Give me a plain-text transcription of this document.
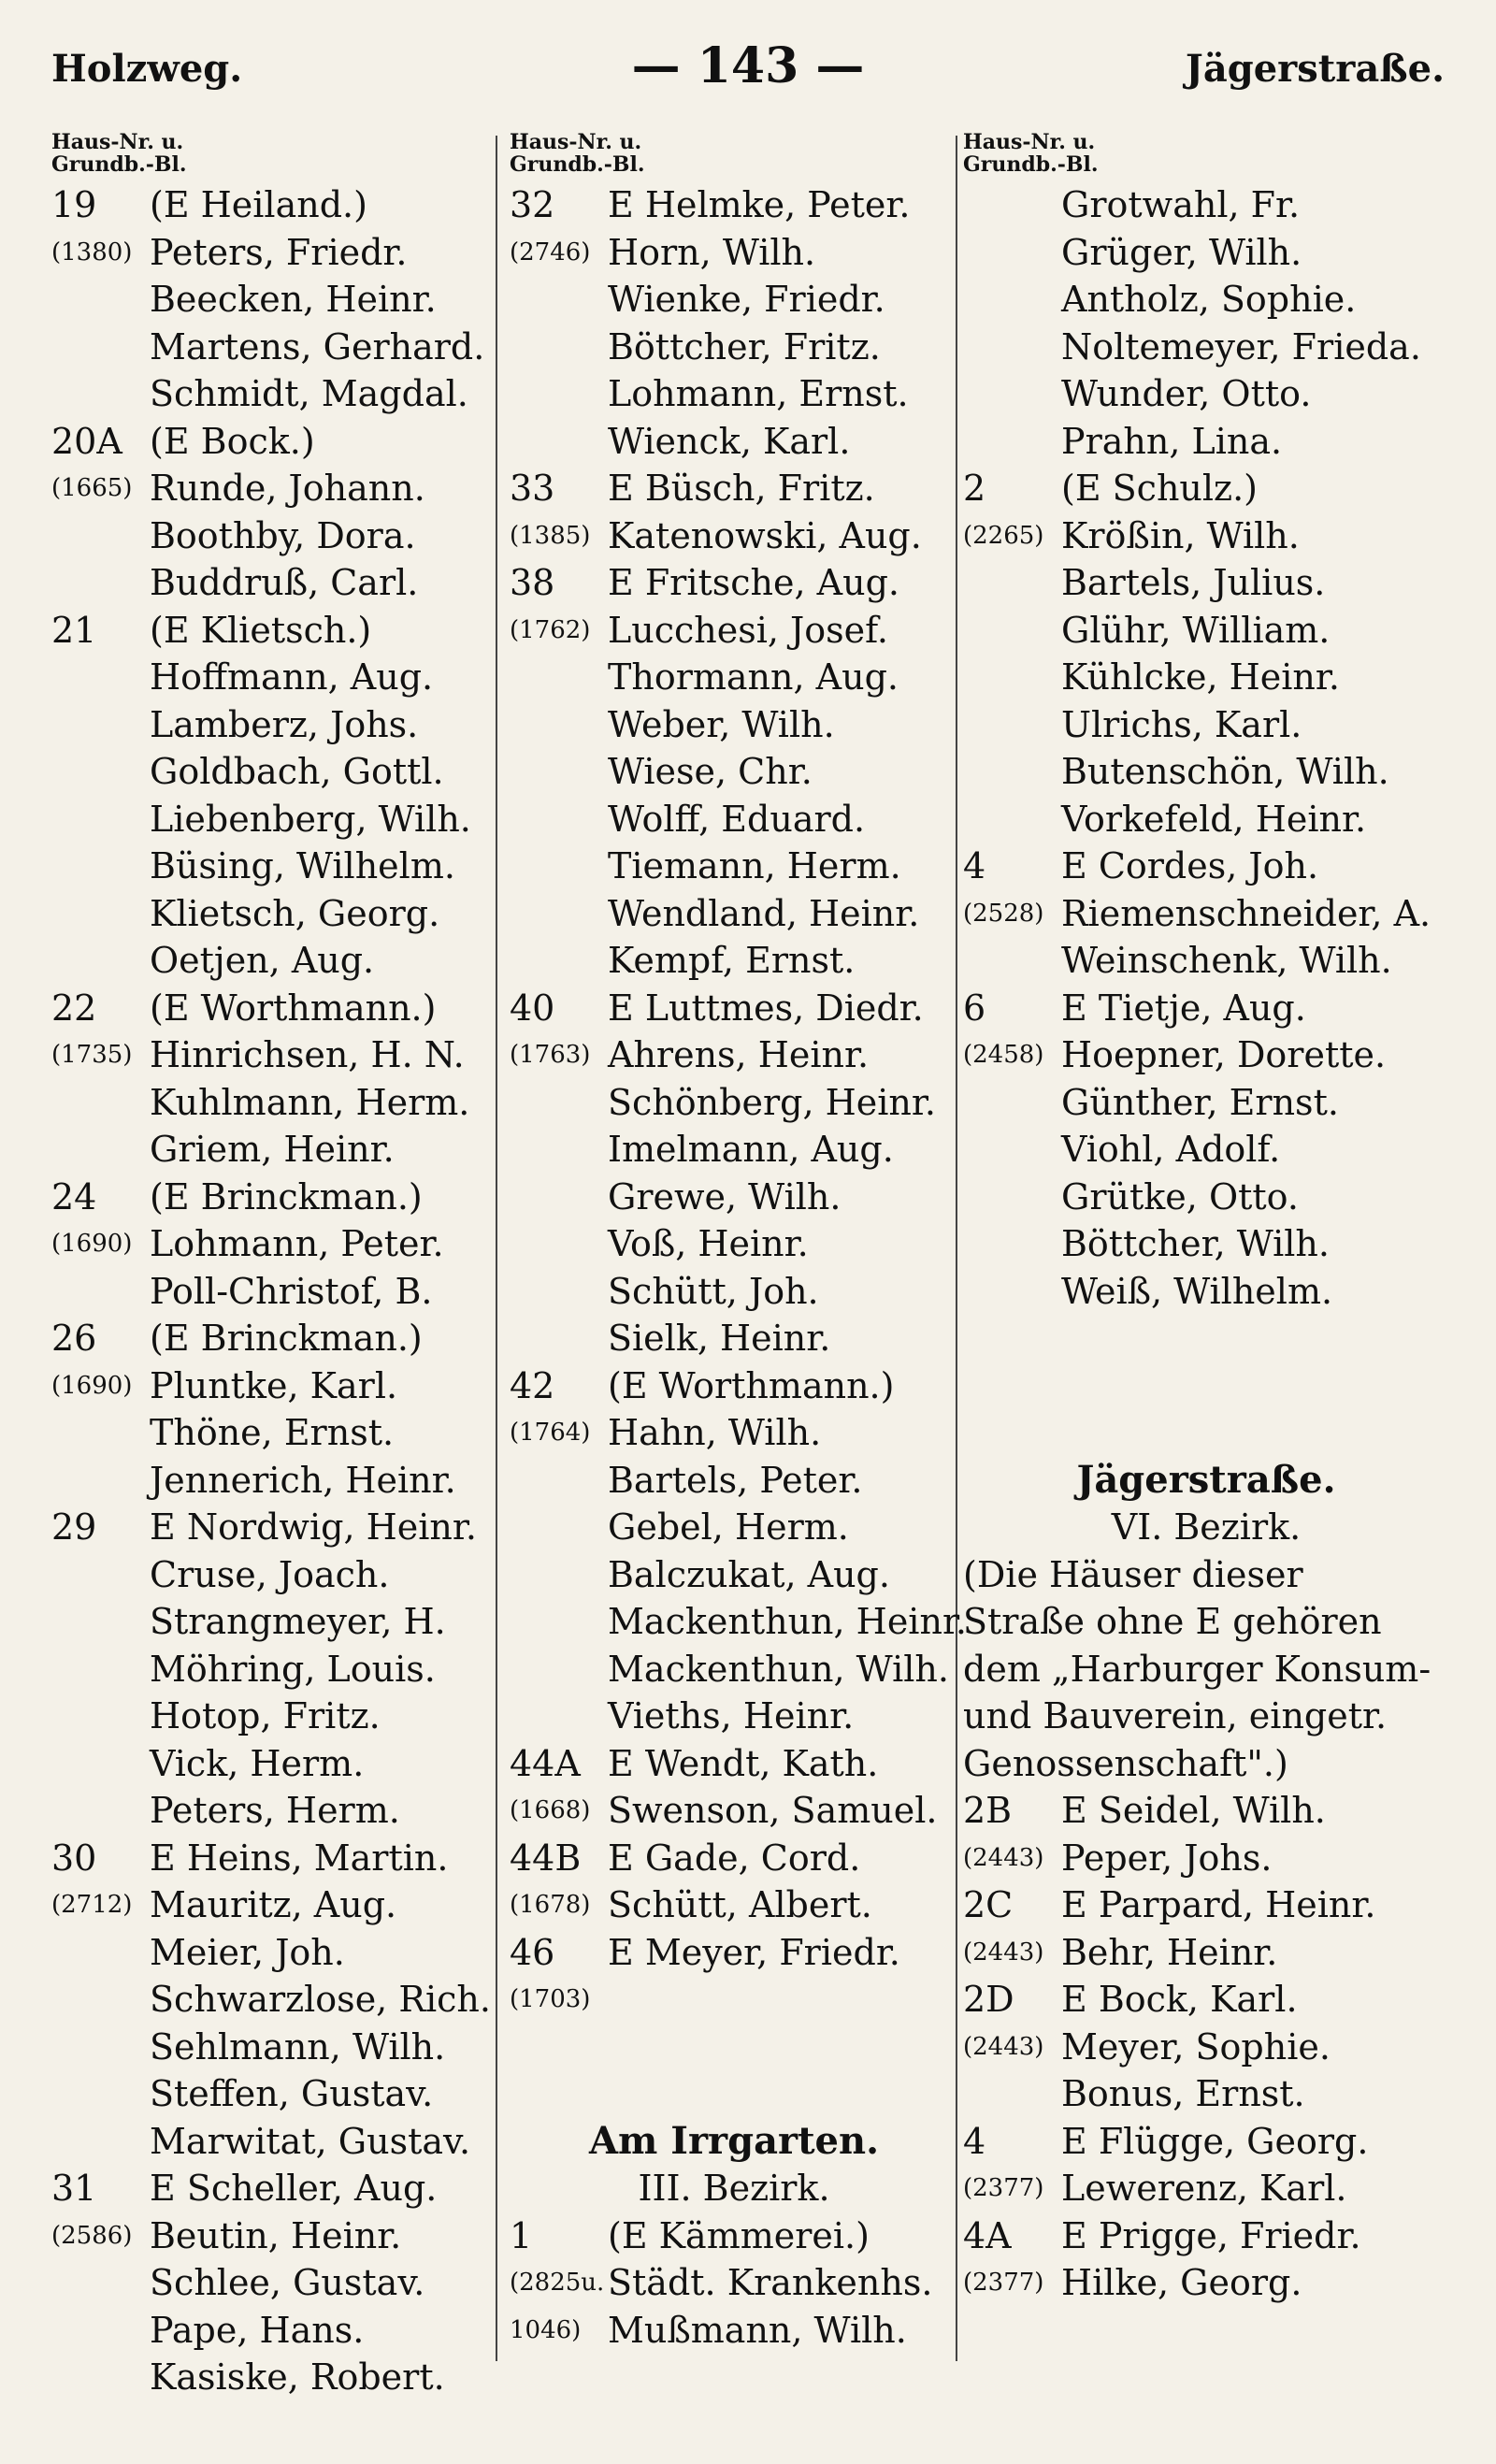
Holzweg.	— 143 —	Jägerstraße.
Haus-Nr. u.
Grundb.-Bl.
19	(E Heiland.)
(1380) Peters, Friedr.
Beecken, Heinr.
Martens, Gerhard.
Schmidt, Magdal.
20A (E Bock.)
(1665) Runde, Johann.
Boothby, Dora.
Buddruß, Carl.
21	(E Klietsch.)
Hoffmann, Aug.
Lamberz, Johs.
Goldbach, Gottl.
Liebenberg, Wilh.
Büsing, Wilhelm.
Klietsch, Georg.
Oetjen, Aug.
22	(E Worthmann.)
(1735) Hinrichsen, H. N.
Kuhlmann, Herm.
Griem, Heinr.
24	(E Brinckman.)
(1690) Lohmann, Peter.
Poll-Christof, B.
26	(E Brinckman.)
(1690) Pluntke, Karl.
Thöne, Ernst.
Jennerich, Heinr.
29	E Nordwig, Heinr.
Cruse, Joach.
Strangmeyer, H.
Möhring, Louis.
Hotop, Fritz.
Vick, Herm.
Peters, Herm.
30	E Heins, Martin.
(2712) Mauritz, Aug.
Meier, Joh.
Schwarzlose, Rich.
Sehlmann, Wilh.
Steffen, Gustav.
Marwitat, Gustav.
31	E Scheller, Aug.
(2586) Beutin, Heinr.
Schlee, Gustav.
Pape, Hans.
Kasiske, Robert.
Haus-Nr. u.
Grundb.-Bl.
32	E Helmke, Peter.
(2746) Horn, Wilh.
Wienke, Friedr.
Böttcher, Fritz.
Lohmann, Ernst.
Wienck, Karl.
33	E Büsch, Fritz.
(1385) Katenowski, Aug.
38	E Fritsche, Aug.
(1762) Lucchesi, Josef.
Thormann, Aug.
Weber, Wilh.
Wiese, Chr.
Wolff, Eduard.
Tiemann, Herm.
Wendland, Heinr.
Kempf, Ernst.
40	E Luttmes, Diedr.
(1763) Ahrens, Heinr.
Schönberg, Heinr.
Imelmann, Aug.
Grewe, Wilh.
Voß, Heinr.
Schütt, Joh.
Sielk, Heinr.
42	(E Worthmann.)
(1764) Hahn, Wilh.
Bartels, Peter.
Gebel, Herm.
Balczukat, Aug.
Mackenthun, Heinr.
Mackenthun, Wilh.
Vieths, Heinr.
44A E Wendt, Kath.
(1668) Swenson, Samuel.
44B E Gade, Cord.
(1678) Schütt, Albert.
46	E Meyer, Friedr.
(1703)
Am Irrgarten.
III. Bezirk.
1	(E Kämmerei.)
(2825u. Städt. Krankenhs.
1046) Mußmann, Wilh.
Haus-Nr. u.
Grundb.-Bl.
Grotwahl, Fr.
Grüger, Wilh.
Antholz, Sophie.
Noltemeyer, Frieda.
Wunder, Otto.
Prahn, Lina.
2	(E Schulz.)
(2265) Krößin, Wilh.
Bartels, Julius.
Glühr, William.
Kühlcke, Heinr.
Ulrichs, Karl.
Butenschön, Wilh.
Vorkefeld, Heinr.
4	E Cordes, Joh.
(2528) Riemenschneider, A.
Weinschenk, Wilh.
6	E Tietje, Aug.
(2458) Hoepner, Dorette.
Günther, Ernst.
Viohl, Adolf.
Grütke, Otto.
Böttcher, Wilh.
Weiß, Wilhelm.
Jägerstraße.
VI. Bezirk.
(Die Häuser dieser
Straße ohne E gehören
dem „Harburger Konsum-
und Bauverein, eingetr.
Genossenschaft".)
2B	E Seidel, Wilh.
(2443) Peper, Johs.
2C	E Parpard, Heinr.
(2443) Behr, Heinr.
2D	E Bock, Karl.
(2443) Meyer, Sophie.
Bonus, Ernst.
4	E Flügge, Georg.
(2377) Lewerenz, Karl.
4A	E Prigge, Friedr.
(2377) Hilke, Georg.
